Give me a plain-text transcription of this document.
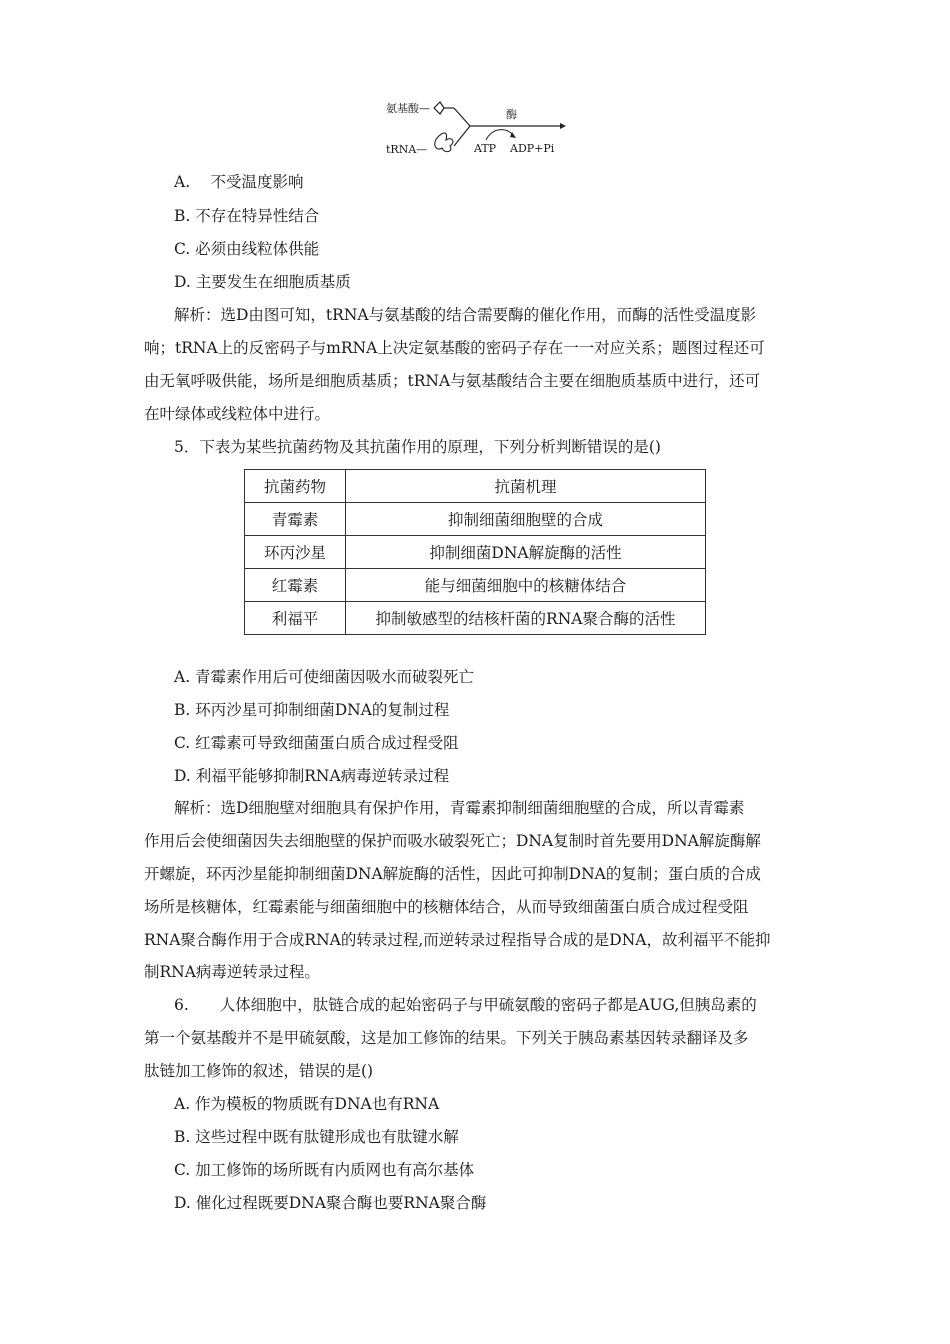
氨基酸—
tRNA—
酶
ATP ADP+Pi
A.　 不受温度影响
B. 不存在特异性结合
C. 必须由线粒体供能
D. 主要发生在细胞质基质
解析：选D由图可知，tRNA与氨基酸的结合需要酶的催化作用，而酶的活性受温度影
响；tRNA上的反密码子与mRNA上决定氨基酸的密码子存在一一对应关系；题图过程还可
由无氧呼吸供能，场所是细胞质基质；tRNA与氨基酸结合主要在细胞质基质中进行，还可
在叶绿体或线粒体中进行。
5．下表为某些抗菌药物及其抗菌作用的原理，下列分析判断错误的是()
抗菌药物	抗菌机理
青霉素	抑制细菌细胞壁的合成
环丙沙星	抑制细菌DNA解旋酶的活性
红霉素	能与细菌细胞中的核糖体结合
利福平	抑制敏感型的结核杆菌的RNA聚合酶的活性
A. 青霉素作用后可使细菌因吸水而破裂死亡
B. 环丙沙星可抑制细菌DNA的复制过程
C. 红霉素可导致细菌蛋白质合成过程受阻
D. 利福平能够抑制RNA病毒逆转录过程
解析：选D细胞壁对细胞具有保护作用，青霉素抑制细菌细胞壁的合成，所以青霉素
作用后会使细菌因失去细胞壁的保护而吸水破裂死亡；DNA复制时首先要用DNA解旋酶解
开螺旋，环丙沙星能抑制细菌DNA解旋酶的活性，因此可抑制DNA的复制；蛋白质的合成
场所是核糖体，红霉素能与细菌细胞中的核糖体结合，从而导致细菌蛋白质合成过程受阻
RNA聚合酶作用于合成RNA的转录过程,而逆转录过程指导合成的是DNA，故利福平不能抑
制RNA病毒逆转录过程。
6.　　人体细胞中，肽链合成的起始密码子与甲硫氨酸的密码子都是AUG,但胰岛素的
第一个氨基酸并不是甲硫氨酸，这是加工修饰的结果。下列关于胰岛素基因转录翻译及多
肽链加工修饰的叙述，错误的是()
A. 作为模板的物质既有DNA也有RNA
B. 这些过程中既有肽键形成也有肽键水解
C. 加工修饰的场所既有内质网也有高尔基体
D. 催化过程既要DNA聚合酶也要RNA聚合酶
